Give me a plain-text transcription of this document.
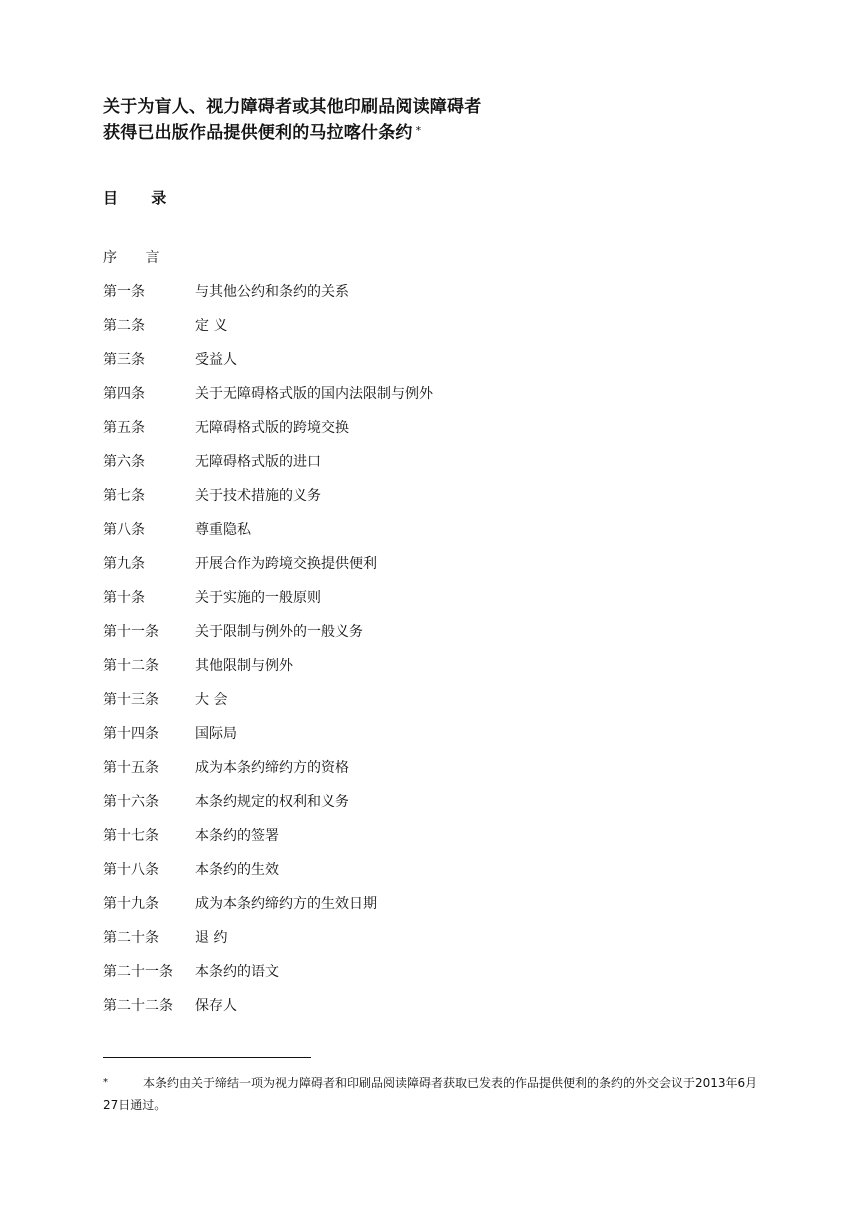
关于为盲人、视力障碍者或其他印刷品阅读障碍者
获得已出版作品提供便利的马拉喀什条约 *
目 录
序 言
第一条	与其他公约和条约的关系
第二条	定 义
第三条	受益人
第四条	关于无障碍格式版的国内法限制与例外
第五条	无障碍格式版的跨境交换
第六条	无障碍格式版的进口
第七条	关于技术措施的义务
第八条	尊重隐私
第九条	开展合作为跨境交换提供便利
第十条	关于实施的一般原则
第十一条	关于限制与例外的一般义务
第十二条	其他限制与例外
第十三条	大 会
第十四条	国际局
第十五条	成为本条约缔约方的资格
第十六条	本条约规定的权利和义务
第十七条	本条约的签署
第十八条	本条约的生效
第十九条	成为本条约缔约方的生效日期
第二十条	退 约
第二十一条	本条约的语文
第二十二条	保存人
*	本条约由关于缔结一项为视力障碍者和印刷品阅读障碍者获取已发表的作品提供便利的条约的外交会议于2013年6月27日通过。
